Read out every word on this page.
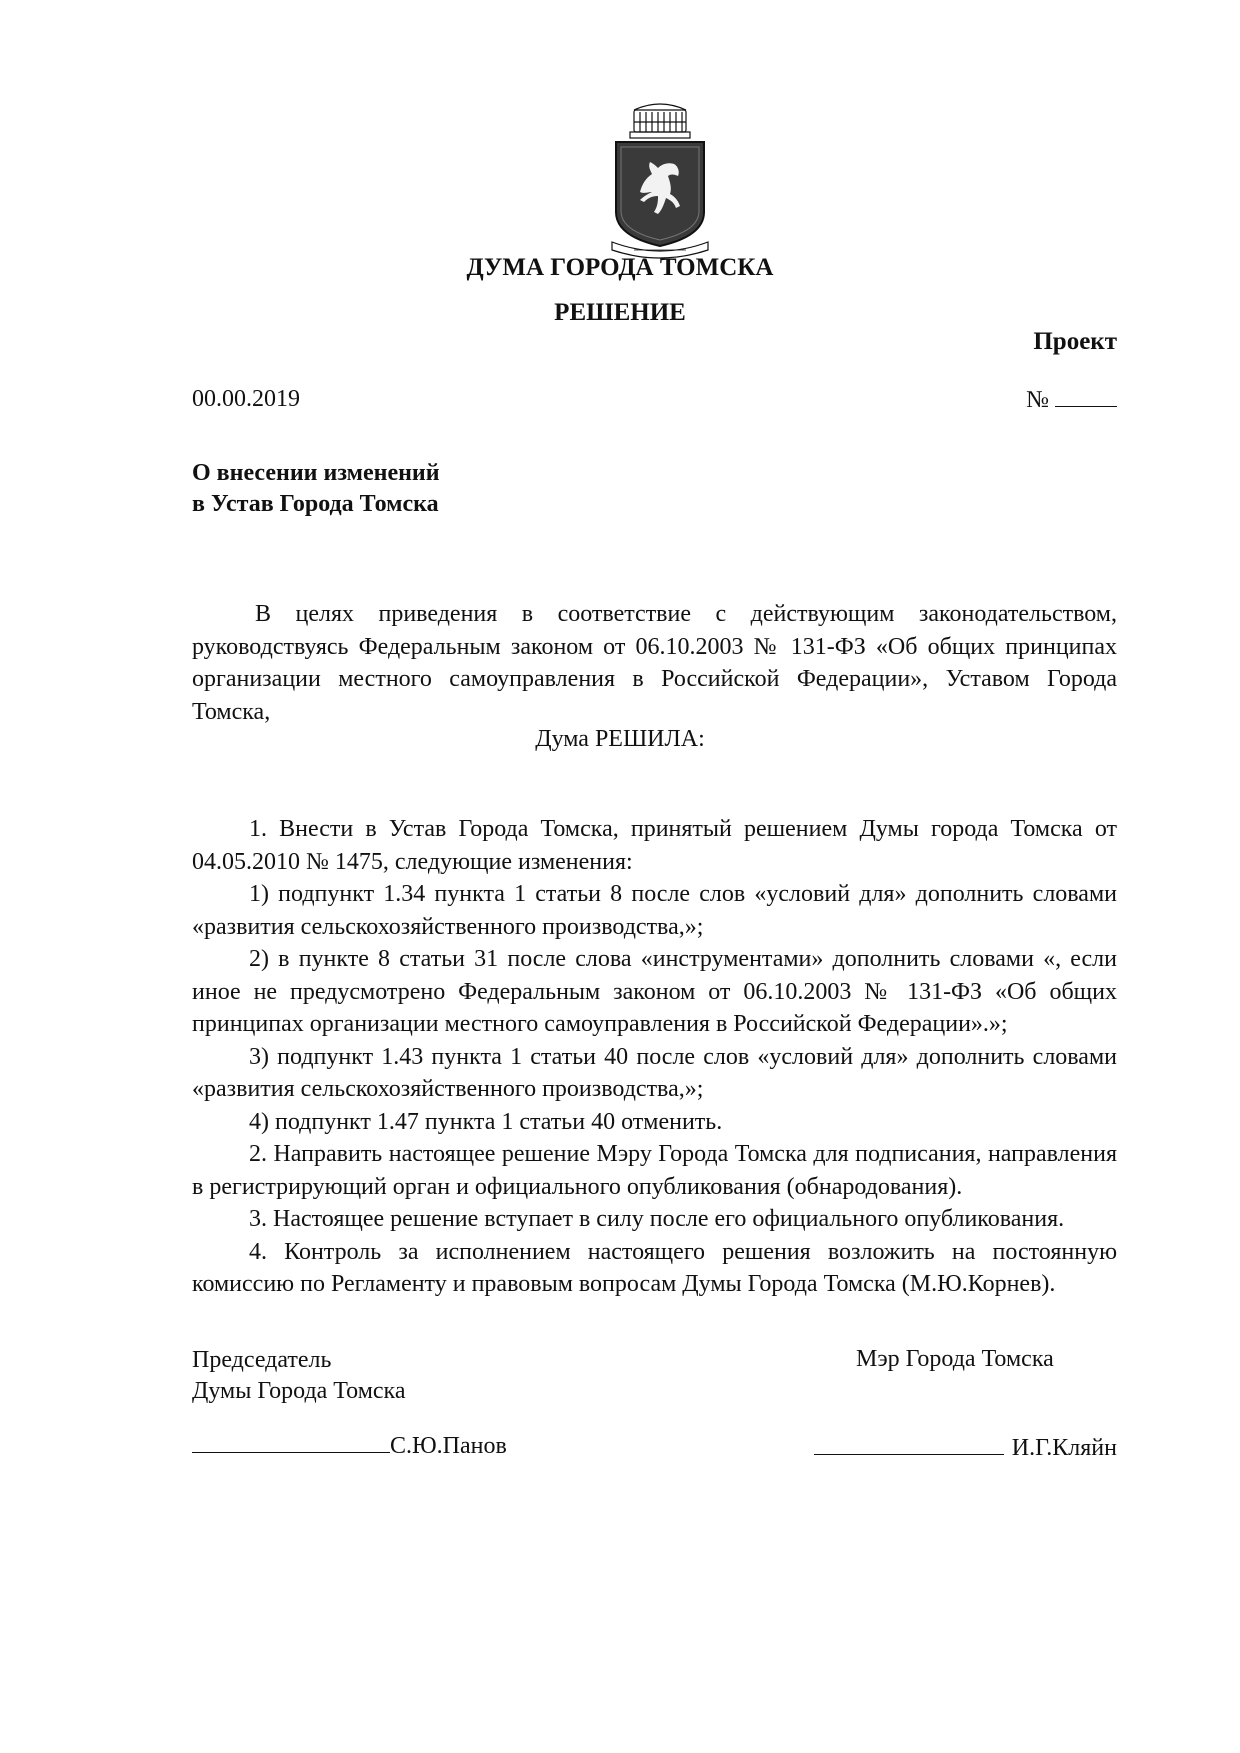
ДУМА ГОРОДА ТОМСКА
РЕШЕНИЕ
Проект
00.00.2019	№
О внесении изменений
в Устав Города Томска

В целях приведения в соответствие с действующим законодательством, руководствуясь Федеральным законом от 06.10.2003 № 131-ФЗ «Об общих принципах организации местного самоуправления в Российской Федерации», Уставом Города Томска,

Дума РЕШИЛА:

1. Внести в Устав Города Томска, принятый решением Думы города Томска от 04.05.2010 № 1475, следующие изменения:

1) подпункт 1.34 пункта 1 статьи 8 после слов «условий для» дополнить словами «развития сельскохозяйственного производства,»;

2) в пункте 8 статьи 31 после слова «инструментами» дополнить словами «, если иное не предусмотрено Федеральным законом от 06.10.2003 № 131-ФЗ «Об общих принципах организации местного самоуправления в Российской Федерации».»;

3) подпункт 1.43 пункта 1 статьи 40 после слов «условий для» дополнить словами «развития сельскохозяйственного производства,»;

4) подпункт 1.47 пункта 1 статьи 40 отменить.

2. Направить настоящее решение Мэру Города Томска для подписания, направления в регистрирующий орган и официального опубликования (обнародования).

3. Настоящее решение вступает в силу после его официального опубликования.

4. Контроль за исполнением настоящего решения возложить на постоянную комиссию по Регламенту и правовым вопросам Думы Города Томска (М.Ю.Корнев).

Председатель
Думы Города Томска
Мэр Города Томска
С.Ю.Панов	И.Г.Кляйн
